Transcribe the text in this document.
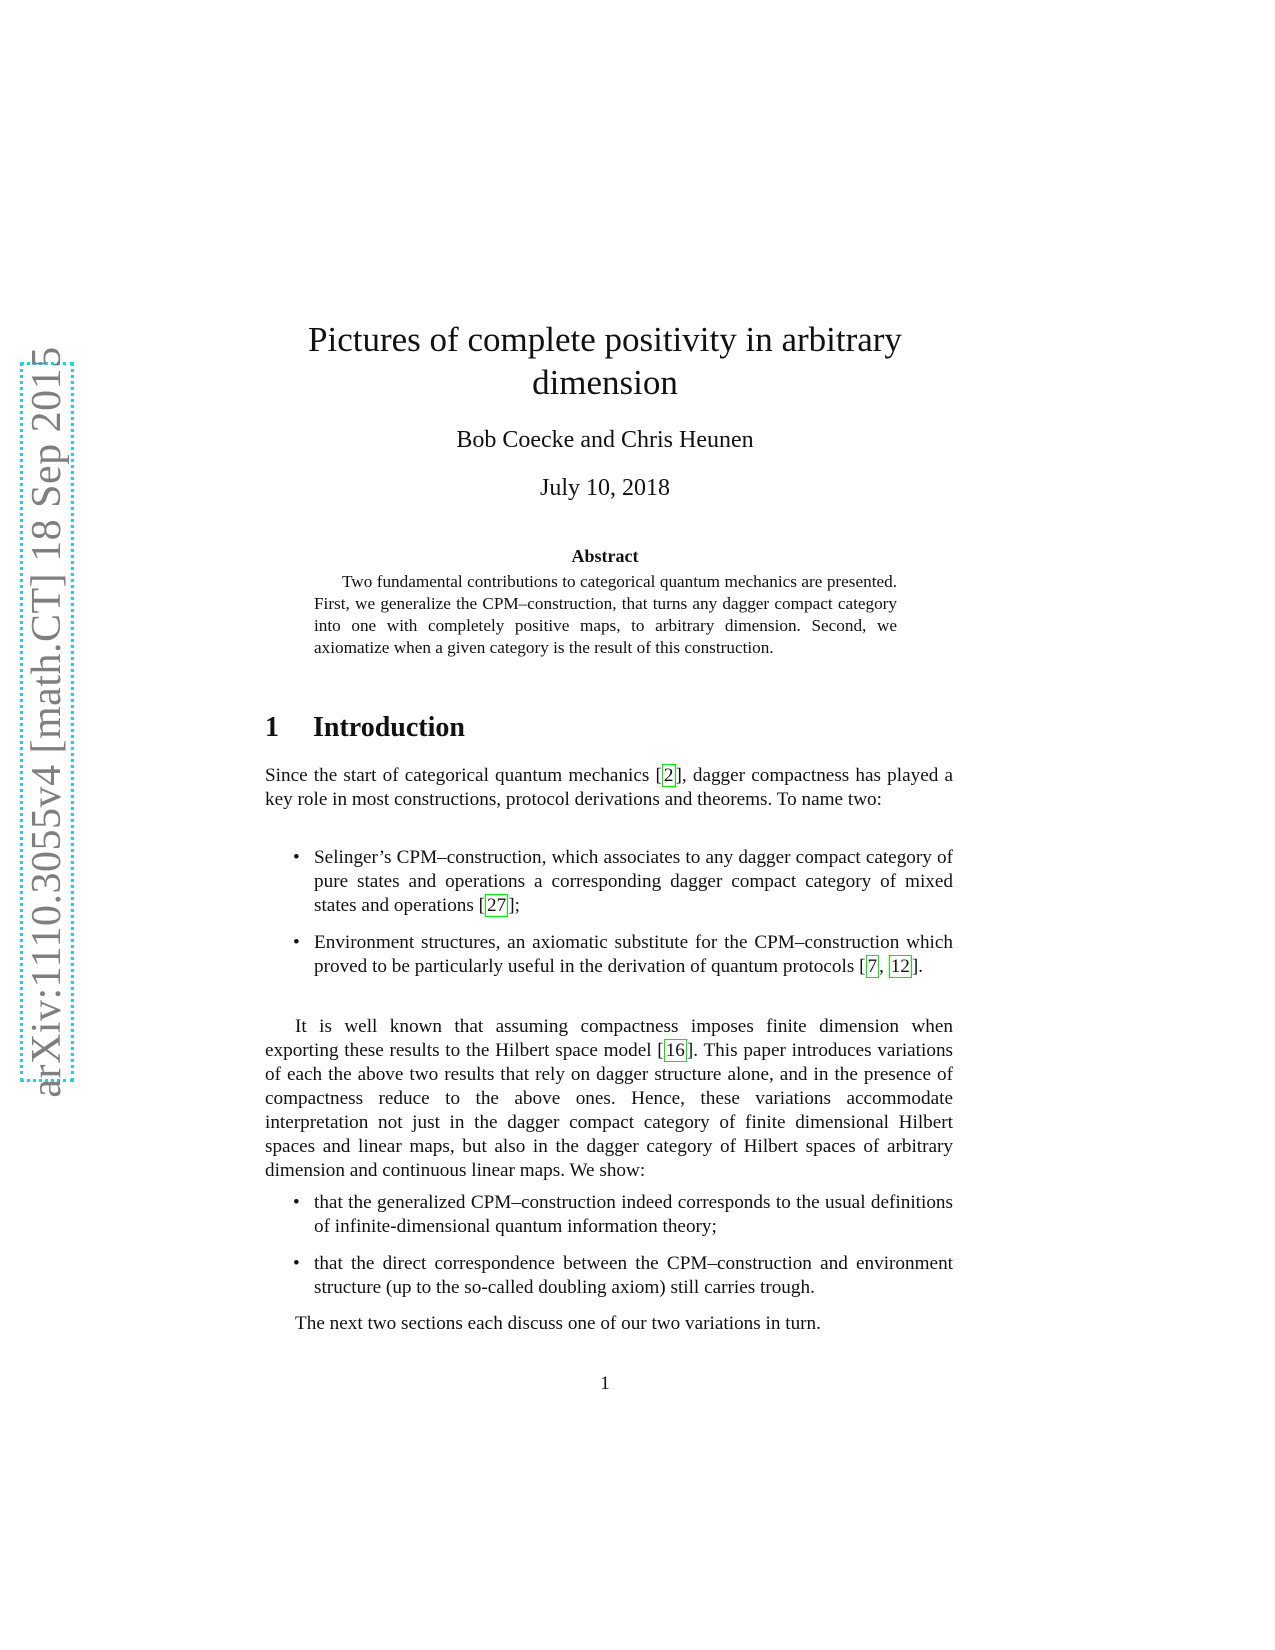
arXiv:1110.3055v4 [math.CT] 18 Sep 2015
Pictures of complete positivity in arbitrary
dimension
Bob Coecke and Chris Heunen
July 10, 2018
Abstract
Two fundamental contributions to categorical quantum mechanics are presented. First, we generalize the CPM–construction, that turns any dagger compact category into one with completely positive maps, to arbitrary dimension. Second, we axiomatize when a given category is the result of this construction.
1 Introduction
Since the start of categorical quantum mechanics [ 2 ], dagger compactness has played a key role in most constructions, protocol derivations and theorems. To name two:
• Selinger’s CPM–construction, which associates to any dagger compact category of pure states and operations a corresponding dagger compact category of mixed states and operations [ 27 ];
• Environment structures, an axiomatic substitute for the CPM–construction which proved to be particularly useful in the derivation of quantum protocols [ 7 , 12 ].
It is well known that assuming compactness imposes finite dimension when exporting these results to the Hilbert space model [ 16 ]. This paper introduces variations of each the above two results that rely on dagger structure alone, and in the presence of compactness reduce to the above ones. Hence, these variations accommodate interpretation not just in the dagger compact category of finite dimensional Hilbert spaces and linear maps, but also in the dagger category of Hilbert spaces of arbitrary dimension and continuous linear maps. We show:
• that the generalized CPM–construction indeed corresponds to the usual definitions of infinite-dimensional quantum information theory;
• that the direct correspondence between the CPM–construction and environment structure (up to the so-called doubling axiom) still carries trough.
The next two sections each discuss one of our two variations in turn.
1
